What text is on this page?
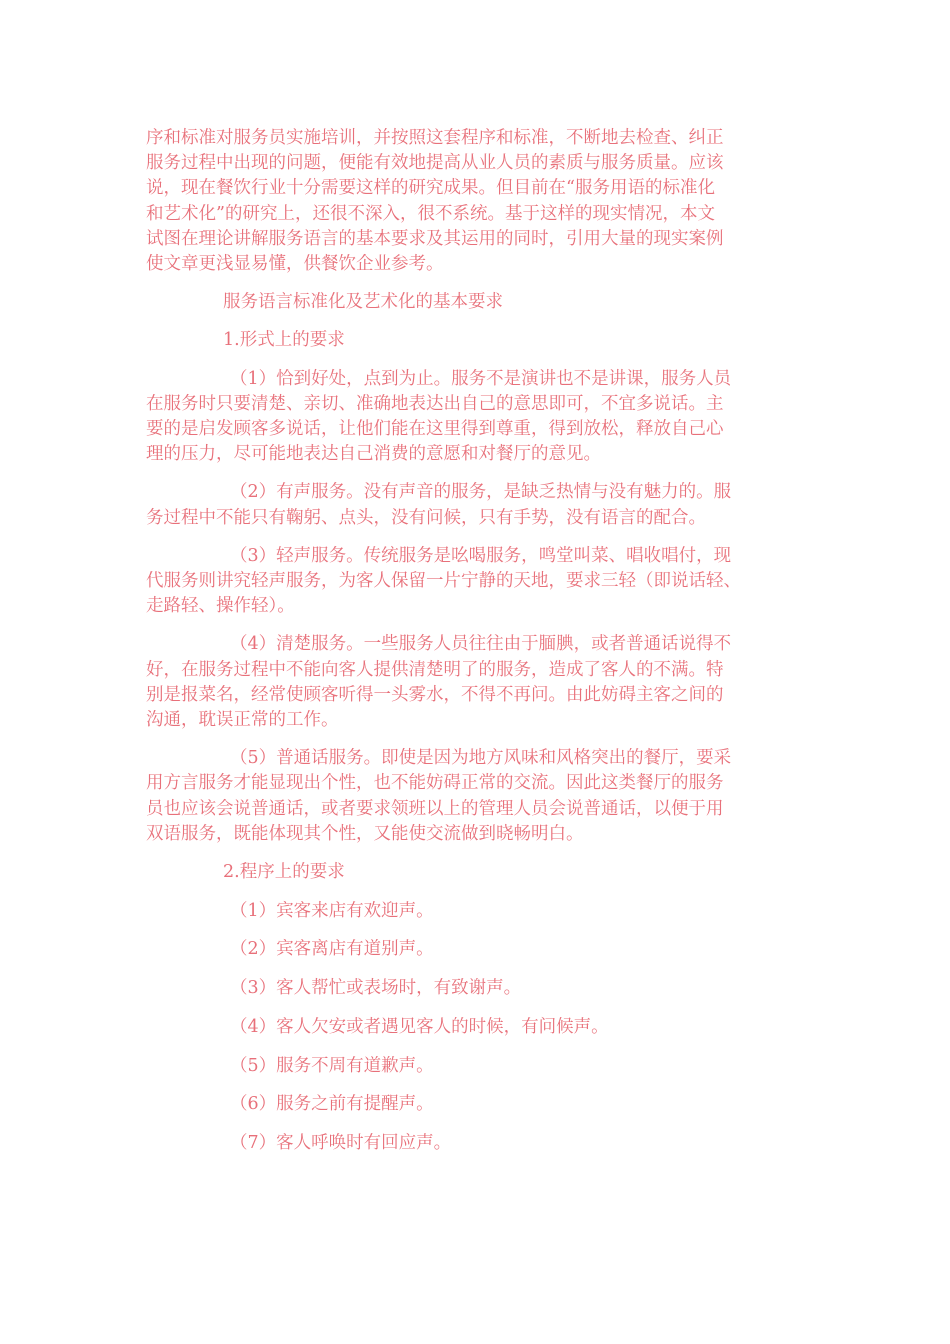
序和标准对服务员实施培训，并按照这套程序和标准，不断地去检查、纠正
服务过程中出现的问题，便能有效地提高从业人员的素质与服务质量。应该
说，现在餐饮行业十分需要这样的研究成果。但目前在“服务用语的标准化
和艺术化”的研究上，还很不深入，很不系统。基于这样的现实情况，本文
试图在理论讲解服务语言的基本要求及其运用的同时，引用大量的现实案例
使文章更浅显易懂，供餐饮企业参考。

服务语言标准化及艺术化的基本要求

1.形式上的要求

（1）恰到好处，点到为止。服务不是演讲也不是讲课，服务人员
在服务时只要清楚、亲切、准确地表达出自己的意思即可，不宜多说话。主
要的是启发顾客多说话，让他们能在这里得到尊重，得到放松，释放自己心
理的压力，尽可能地表达自己消费的意愿和对餐厅的意见。

（2）有声服务。没有声音的服务，是缺乏热情与没有魅力的。服
务过程中不能只有鞠躬、点头，没有问候，只有手势，没有语言的配合。

（3）轻声服务。传统服务是吆喝服务，鸣堂叫菜、唱收唱付，现
代服务则讲究轻声服务，为客人保留一片宁静的天地，要求三轻（即说话轻、
走路轻、操作轻）。

（4）清楚服务。一些服务人员往往由于腼腆，或者普通话说得不
好，在服务过程中不能向客人提供清楚明了的服务，造成了客人的不满。特
别是报菜名，经常使顾客听得一头雾水，不得不再问。由此妨碍主客之间的
沟通，耽误正常的工作。

（5）普通话服务。即使是因为地方风味和风格突出的餐厅，要采
用方言服务才能显现出个性，也不能妨碍正常的交流。因此这类餐厅的服务
员也应该会说普通话，或者要求领班以上的管理人员会说普通话，以便于用
双语服务，既能体现其个性，又能使交流做到晓畅明白。

2.程序上的要求

（1）宾客来店有欢迎声。

（2）宾客离店有道别声。

（3）客人帮忙或表场时，有致谢声。

（4）客人欠安或者遇见客人的时候，有问候声。

（5）服务不周有道歉声。

（6）服务之前有提醒声。

（7）客人呼唤时有回应声。
